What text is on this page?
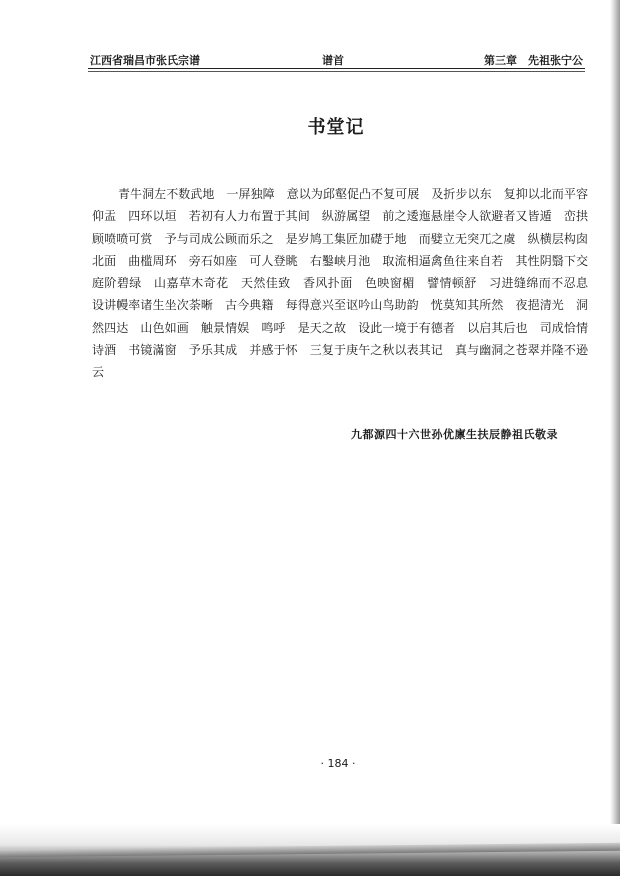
江西省瑞昌市张氏宗谱	谱首	第三章　先祖张宁公
书堂记

青牛洞左不数武地　一屏独障　意以为邱壑促凸不复可展　及折步以东　复抑以北而平容仰盂　四环以垣　若初有人力布置于其间　纵游属望　前之逶迤悬崖令人欲避者又皆遁　峦拱顾喷喷可赏　予与司成公顾而乐之　是岁鸠工集匠加礎于地　而嬖立无突兀之虞　纵横层构囱北面　曲槛周环　旁石如座　可人登眺　右鑿峡月池　取流相逼禽鱼往来自若　其性阴翳下交庭阶碧绿　山嘉草木奇花　天然佳致　香风扑面　色映窗楣　譬情顿舒　习进缝绵而不忍息　设讲幔率诸生坐次荼晰　古今典籍　每得意兴至讴吟山鸟助韵　恍莫知其所然　夜挹清光　洞然四达　山色如画　触景情娱　鸣呼　是天之故　设此一境于有德者　以启其后也　司成恰情诗酒　书镜滿窗　予乐其成　并感于怀　三复于庚午之秋以表其记　真与幽洞之苍翠并隆不逊云

九都源四十六世孙优廪生扶辰静祖氏敬录
· 184 ·
